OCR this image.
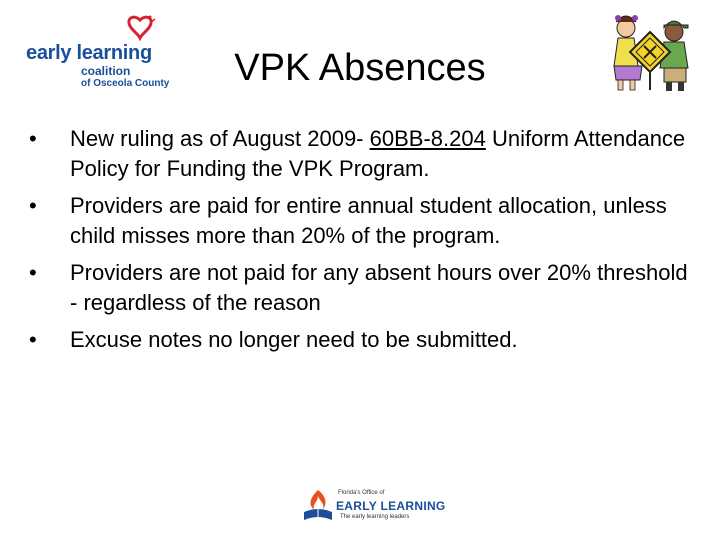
early learning
coalition
of Osceola County	VPK Absences
• New ruling as of August 2009- 60BB-8.204 Uniform Attendance Policy for Funding the VPK Program.
• Providers are paid for entire annual student allocation, unless child misses more than 20% of the program.
• Providers are not paid for any absent hours over 20% threshold - regardless of the reason
• Excuse notes no longer need to be submitted.
Florida's Office of
EARLY LEARNING
The early learning leaders
